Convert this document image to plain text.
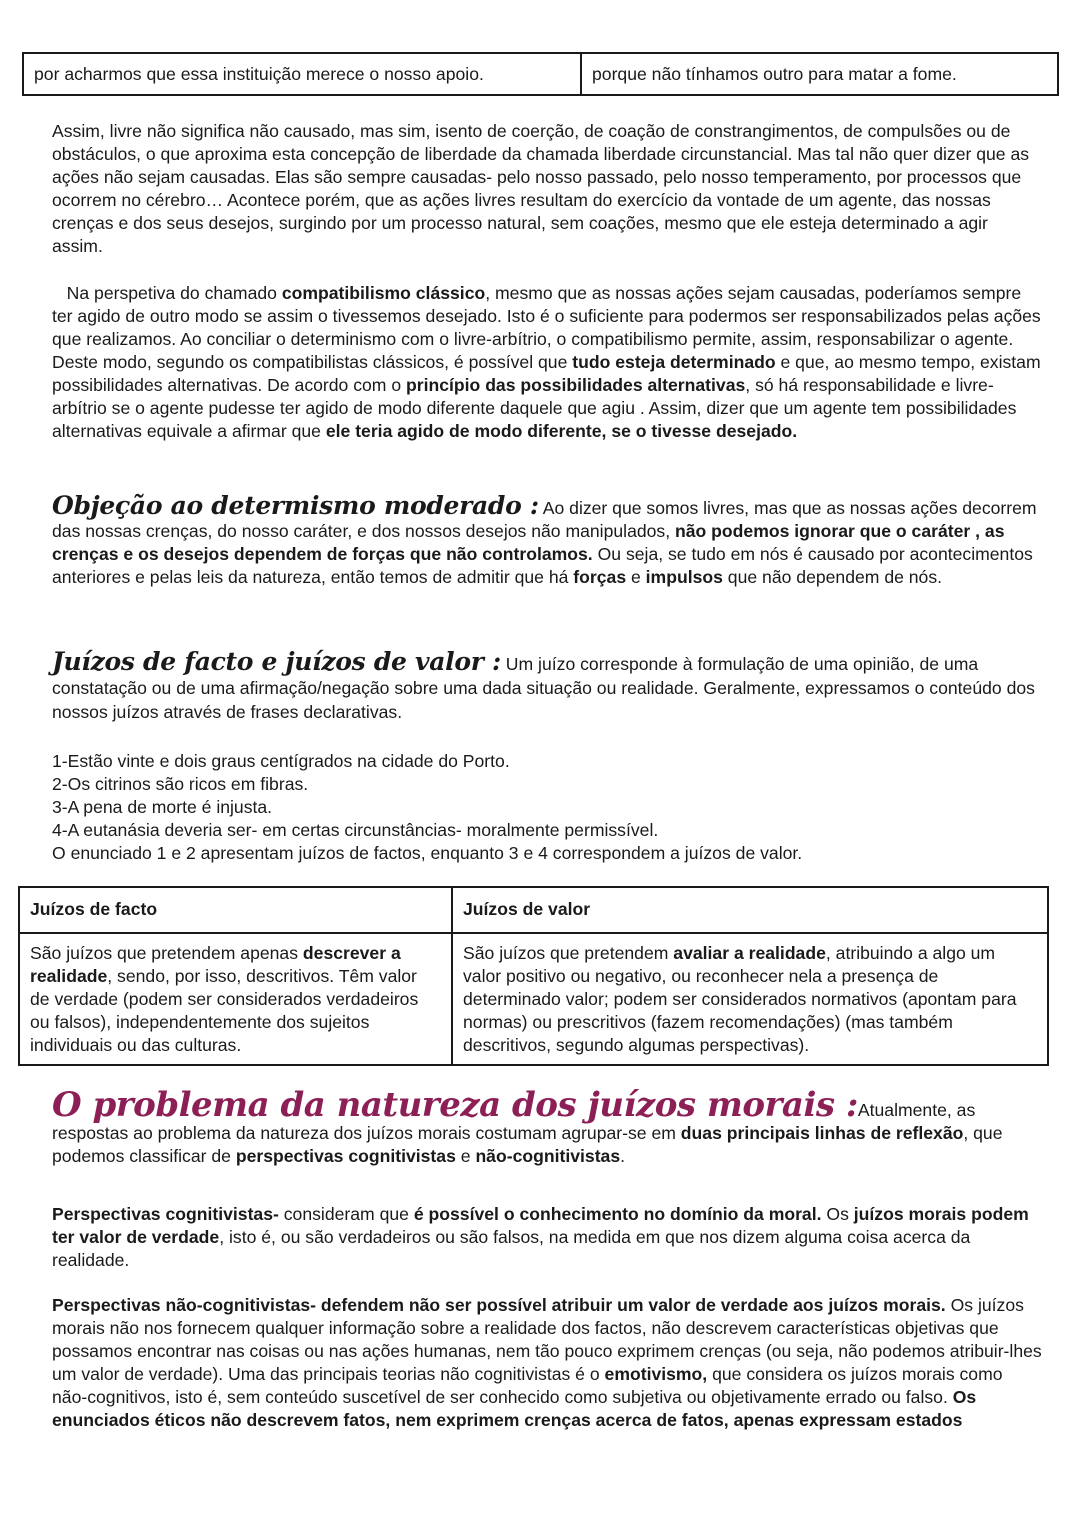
por acharmos que essa instituição merece o nosso apoio.	porque não tínhamos outro para matar a fome.

Assim, livre não significa não causado, mas sim, isento de coerção, de coação de constrangimentos, de compulsões ou de obstáculos, o que aproxima esta concepção de liberdade da chamada liberdade circunstancial. Mas tal não quer dizer que as ações não sejam causadas. Elas são sempre causadas- pelo nosso passado, pelo nosso temperamento, por processos que ocorrem no cérebro… Acontece porém, que as ações livres resultam do exercício da vontade de um agente, das nossas crenças e dos seus desejos, surgindo por um processo natural, sem coações, mesmo que ele esteja determinado a agir assim.

Na perspetiva do chamado compatibilismo clássico, mesmo que as nossas ações sejam causadas, poderíamos sempre ter agido de outro modo se assim o tivessemos desejado. Isto é o suficiente para podermos ser responsabilizados pelas ações que realizamos. Ao conciliar o determinismo com o livre-arbítrio, o compatibilismo permite, assim, responsabilizar o agente. Deste modo, segundo os compatibilistas clássicos, é possível que tudo esteja determinado e que, ao mesmo tempo, existam possibilidades alternativas. De acordo com o princípio das possibilidades alternativas, só há responsabilidade e livre-arbítrio se o agente pudesse ter agido de modo diferente daquele que agiu . Assim, dizer que um agente tem possibilidades alternativas equivale a afirmar que ele teria agido de modo diferente, se o tivesse desejado.

Objeção ao determismo moderado : Ao dizer que somos livres, mas que as nossas ações decorrem das nossas crenças, do nosso caráter, e dos nossos desejos não manipulados, não podemos ignorar que o caráter , as crenças e os desejos dependem de forças que não controlamos. Ou seja, se tudo em nós é causado por acontecimentos anteriores e pelas leis da natureza, então temos de admitir que há forças e impulsos que não dependem de nós.

Juízos de facto e juízos de valor : Um juízo corresponde à formulação de uma opinião, de uma constatação ou de uma afirmação/negação sobre uma dada situação ou realidade. Geralmente, expressamos o conteúdo dos nossos juízos através de frases declarativas.

1-Estão vinte e dois graus centígrados na cidade do Porto.
2-Os citrinos são ricos em fibras.
3-A pena de morte é injusta.
4-A eutanásia deveria ser- em certas circunstâncias- moralmente permissível.
O enunciado 1 e 2 apresentam juízos de factos, enquanto 3 e 4 correspondem a juízos de valor.
Juízos de facto	Juízos de valor
São juízos que pretendem apenas descrever a realidade, sendo, por isso, descritivos. Têm valor de verdade (podem ser considerados verdadeiros ou falsos), independentemente dos sujeitos individuais ou das culturas.
São juízos que pretendem avaliar a realidade, atribuindo a algo um valor positivo ou negativo, ou reconhecer nela a presença de determinado valor; podem ser considerados normativos (apontam para normas) ou prescritivos (fazem recomendações) (mas também descritivos, segundo algumas perspectivas).

O problema da natureza dos juízos morais :Atualmente, as respostas ao problema da natureza dos juízos morais costumam agrupar-se em duas principais linhas de reflexão, que podemos classificar de perspectivas cognitivistas e não-cognitivistas.

Perspectivas cognitivistas- consideram que é possível o conhecimento no domínio da moral. Os juízos morais podem ter valor de verdade, isto é, ou são verdadeiros ou são falsos, na medida em que nos dizem alguma coisa acerca da realidade.

Perspectivas não-cognitivistas- defendem não ser possível atribuir um valor de verdade aos juízos morais. Os juízos morais não nos fornecem qualquer informação sobre a realidade dos factos, não descrevem características objetivas que possamos encontrar nas coisas ou nas ações humanas, nem tão pouco exprimem crenças (ou seja, não podemos atribuir-lhes um valor de verdade). Uma das principais teorias não cognitivistas é o emotivismo, que considera os juízos morais como não-cognitivos, isto é, sem conteúdo suscetível de ser conhecido como subjetiva ou objetivamente errado ou falso. Os enunciados éticos não descrevem fatos, nem exprimem crenças acerca de fatos, apenas expressam estados
